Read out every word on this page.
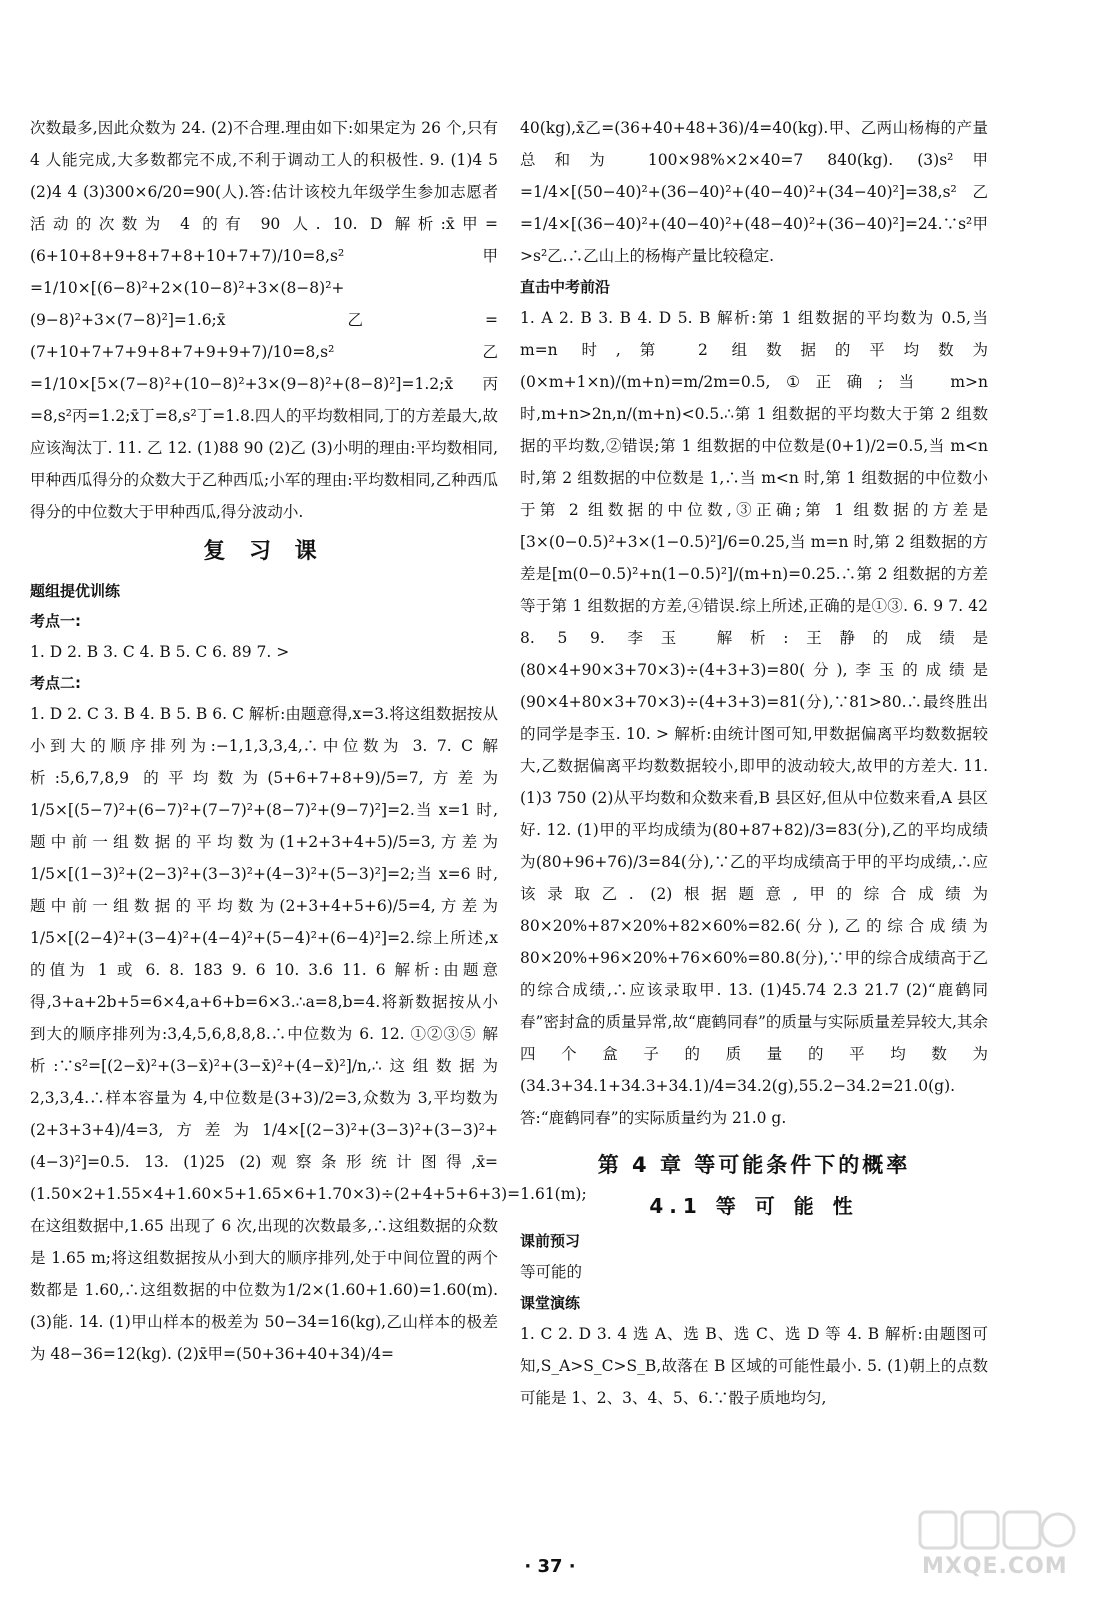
次数最多,因此众数为 24. (2)不合理.理由如下:如果定为 26 个,只有 4 人能完成,大多数都完不成,不利于调动工人的积极性. 9. (1)4 5 (2)4 4 (3)300×6/20=90(人).答:估计该校九年级学生参加志愿者活动的次数为 4 的有 90 人. 10. D 解析:x̄甲=(6+10+8+9+8+7+8+10+7+7)/10=8,s²甲=1/10×[(6−8)²+2×(10−8)²+3×(8−8)²+(9−8)²+3×(7−8)²]=1.6;x̄乙=(7+10+7+7+9+8+7+9+9+7)/10=8,s²乙=1/10×[5×(7−8)²+(10−8)²+3×(9−8)²+(8−8)²]=1.2;x̄丙=8,s²丙=1.2;x̄丁=8,s²丁=1.8.四人的平均数相同,丁的方差最大,故应该淘汰丁. 11. 乙 12. (1)88 90 (2)乙 (3)小明的理由:平均数相同,甲种西瓜得分的众数大于乙种西瓜;小军的理由:平均数相同,乙种西瓜得分的中位数大于甲种西瓜,得分波动小.

复 习 课

题组提优训练

考点一:

1. D 2. B 3. C 4. B 5. C 6. 89 7. >

考点二:

1. D 2. C 3. B 4. B 5. B 6. C 解析:由题意得,x=3.将这组数据按从小到大的顺序排列为:−1,1,3,3,4,∴中位数为 3. 7. C 解析:5,6,7,8,9 的平均数为(5+6+7+8+9)/5=7,方差为1/5×[(5−7)²+(6−7)²+(7−7)²+(8−7)²+(9−7)²]=2.当 x=1 时,题中前一组数据的平均数为(1+2+3+4+5)/5=3,方差为1/5×[(1−3)²+(2−3)²+(3−3)²+(4−3)²+(5−3)²]=2;当 x=6 时,题中前一组数据的平均数为(2+3+4+5+6)/5=4,方差为1/5×[(2−4)²+(3−4)²+(4−4)²+(5−4)²+(6−4)²]=2.综上所述,x 的值为 1 或 6. 8. 183 9. 6 10. 3.6 11. 6 解析:由题意得,3+a+2b+5=6×4,a+6+b=6×3.∴a=8,b=4.将新数据按从小到大的顺序排列为:3,4,5,6,8,8,8.∴中位数为 6. 12. ①②③⑤ 解析:∵s²=[(2−x̄)²+(3−x̄)²+(3−x̄)²+(4−x̄)²]/n,∴这组数据为 2,3,3,4.∴样本容量为 4,中位数是(3+3)/2=3,众数为 3,平均数为(2+3+3+4)/4=3,方差为1/4×[(2−3)²+(3−3)²+(3−3)²+(4−3)²]=0.5. 13. (1)25 (2)观察条形统计图得,x̄=(1.50×2+1.55×4+1.60×5+1.65×6+1.70×3)÷(2+4+5+6+3)=1.61(m);在这组数据中,1.65 出现了 6 次,出现的次数最多,∴这组数据的众数是 1.65 m;将这组数据按从小到大的顺序排列,处于中间位置的两个数都是 1.60,∴这组数据的中位数为1/2×(1.60+1.60)=1.60(m). (3)能. 14. (1)甲山样本的极差为 50−34=16(kg),乙山样本的极差为 48−36=12(kg). (2)x̄甲=(50+36+40+34)/4=

40(kg),x̄乙=(36+40+48+36)/4=40(kg).甲、乙两山杨梅的产量总和为 100×98%×2×40=7 840(kg). (3)s²甲=1/4×[(50−40)²+(36−40)²+(40−40)²+(34−40)²]=38,s²乙=1/4×[(36−40)²+(40−40)²+(48−40)²+(36−40)²]=24.∵s²甲>s²乙.∴乙山上的杨梅产量比较稳定.

直击中考前沿

1. A 2. B 3. B 4. D 5. B 解析:第 1 组数据的平均数为 0.5,当 m=n 时,第 2 组数据的平均数为(0×m+1×n)/(m+n)=m/2m=0.5,①正确;当 m>n 时,m+n>2n,n/(m+n)<0.5.∴第 1 组数据的平均数大于第 2 组数据的平均数,②错误;第 1 组数据的中位数是(0+1)/2=0.5,当 m<n 时,第 2 组数据的中位数是 1,∴当 m<n 时,第 1 组数据的中位数小于第 2 组数据的中位数,③正确;第 1 组数据的方差是[3×(0−0.5)²+3×(1−0.5)²]/6=0.25,当 m=n 时,第 2 组数据的方差是[m(0−0.5)²+n(1−0.5)²]/(m+n)=0.25.∴第 2 组数据的方差等于第 1 组数据的方差,④错误.综上所述,正确的是①③. 6. 9 7. 42 8. 5 9. 李玉 解析:王静的成绩是(80×4+90×3+70×3)÷(4+3+3)=80(分),李玉的成绩是(90×4+80×3+70×3)÷(4+3+3)=81(分),∵81>80.∴最终胜出的同学是李玉. 10. > 解析:由统计图可知,甲数据偏离平均数数据较大,乙数据偏离平均数数据较小,即甲的波动较大,故甲的方差大. 11. (1)3 750 (2)从平均数和众数来看,B 县区好,但从中位数来看,A 县区好. 12. (1)甲的平均成绩为(80+87+82)/3=83(分),乙的平均成绩为(80+96+76)/3=84(分),∵乙的平均成绩高于甲的平均成绩,∴应该录取乙. (2)根据题意,甲的综合成绩为 80×20%+87×20%+82×60%=82.6(分),乙的综合成绩为 80×20%+96×20%+76×60%=80.8(分),∵甲的综合成绩高于乙的综合成绩,∴应该录取甲. 13. (1)45.74 2.3 21.7 (2)“鹿鹤同春”密封盒的质量异常,故“鹿鹤同春”的质量与实际质量差异较大,其余四个盒子的质量的平均数为(34.3+34.1+34.3+34.1)/4=34.2(g),55.2−34.2=21.0(g).答:“鹿鹤同春”的实际质量约为 21.0 g.

第 4 章 等可能条件下的概率
4.1 等 可 能 性

课前预习

等可能的

课堂演练

1. C 2. D 3. 4 选 A、选 B、选 C、选 D 等 4. B 解析:由题图可知,S_A>S_C>S_B,故落在 B 区域的可能性最小. 5. (1)朝上的点数可能是 1、2、3、4、5、6.∵骰子质地均匀,

· 37 ·	MXQE.COM
